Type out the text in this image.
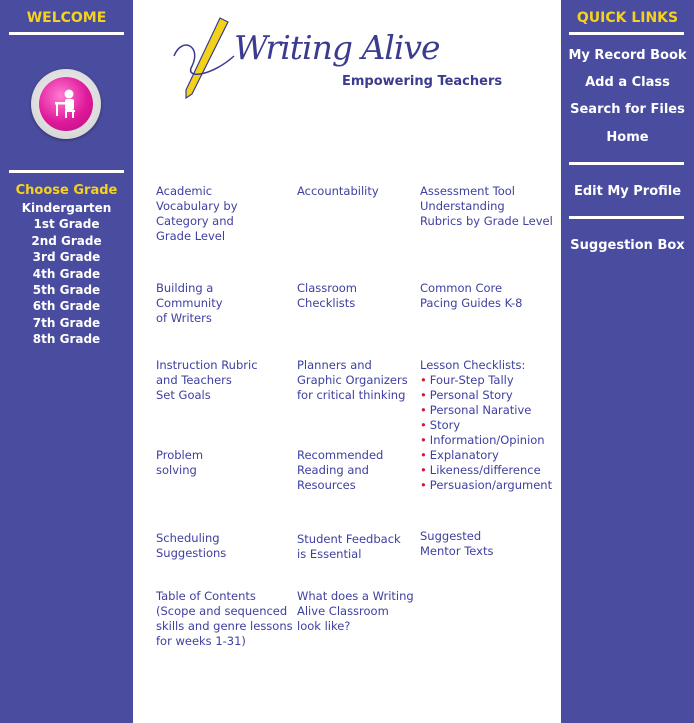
WELCOME
Choose Grade
Kindergarten
1st Grade
2nd Grade
3rd Grade
4th Grade
5th Grade
6th Grade
7th Grade
8th Grade
Writing Alive
Empowering Teachers
Academic
Vocabulary by
Category and
Grade Level
Accountability	Assessment Tool
Understanding
Rubrics by Grade Level
Building a
Community
of Writers
Classroom
Checklists
Common Core
Pacing Guides K-8
Instruction Rubric
and Teachers
Set Goals
Planners and
Graphic Organizers
for critical thinking
Lesson Checklists:
• Four-Step Tally
• Personal Story
• Personal Narative
• Story
• Information/Opinion
• Explanatory
• Likeness/difference
• Persuasion/argument
Problem
solving
Recommended
Reading and
Resources
Scheduling
Suggestions
Student Feedback
is Essential
Suggested
Mentor Texts
Table of Contents
(Scope and sequenced
skills and genre lessons
for weeks 1-31)
What does a Writing
Alive Classroom
look like?
QUICK LINKS
My Record Book
Add a Class
Search for Files
Home
Edit My Profile
Suggestion Box
